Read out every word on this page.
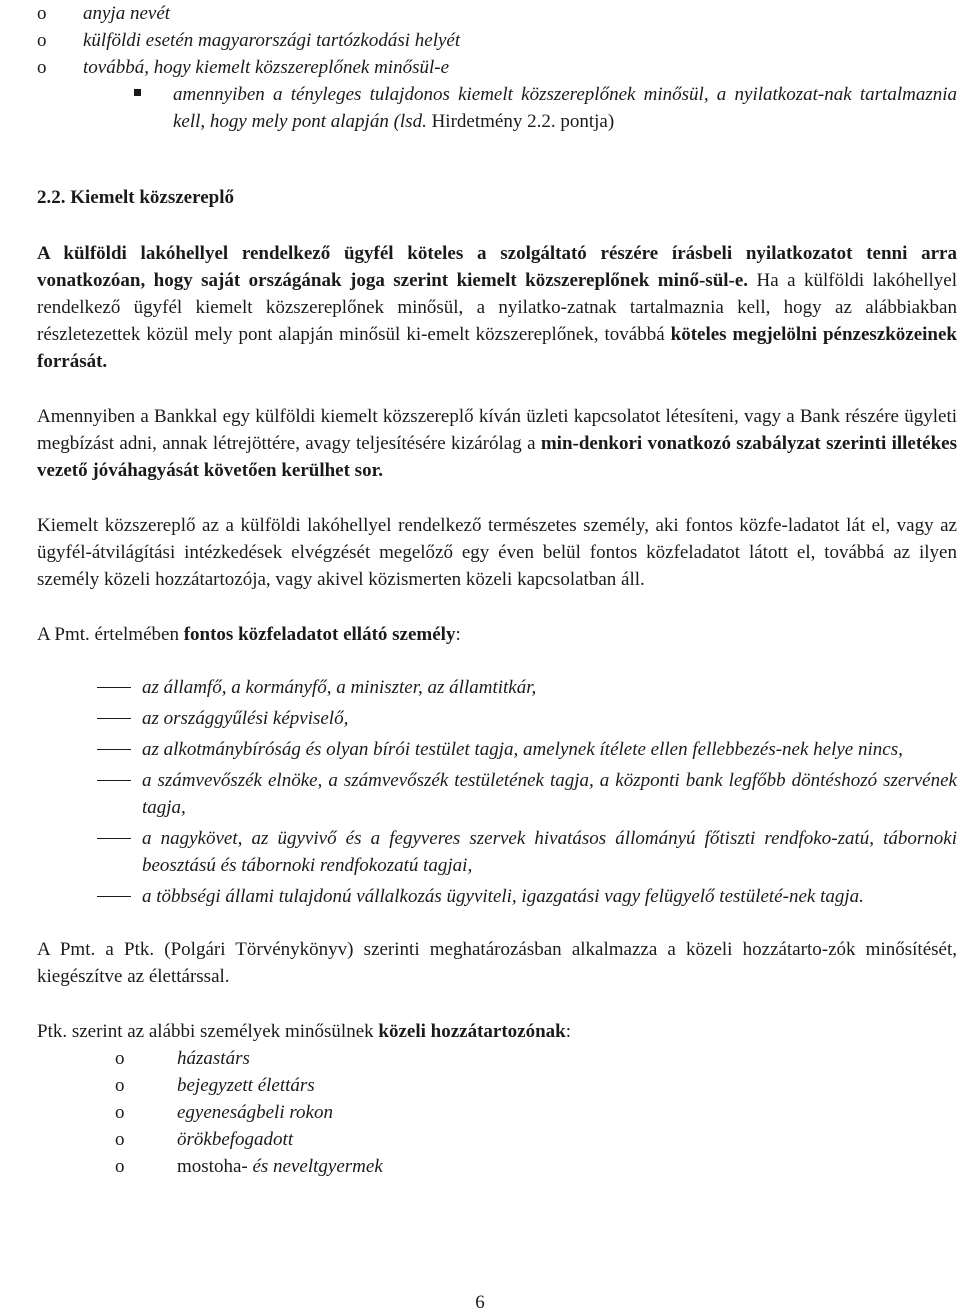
o anyja nevét
o külföldi esetén magyarországi tartózkodási helyét
o továbbá, hogy kiemelt közszereplőnek minősül-e
amennyiben a tényleges tulajdonos kiemelt közszereplőnek minősül, a nyilatkozat-nak tartalmaznia kell, hogy mely pont alapján (lsd. Hirdetmény 2.2. pontja)
2.2. Kiemelt közszereplő

A külföldi lakóhellyel rendelkező ügyfél köteles a szolgáltató részére írásbeli nyilatkozatot tenni arra vonatkozóan, hogy saját országának joga szerint kiemelt közszereplőnek minő-sül-e. Ha a külföldi lakóhellyel rendelkező ügyfél kiemelt közszereplőnek minősül, a nyilatko-zatnak tartalmaznia kell, hogy az alábbiakban részletezettek közül mely pont alapján minősül ki-emelt közszereplőnek, továbbá köteles megjelölni pénzeszközeinek forrását.

Amennyiben a Bankkal egy külföldi kiemelt közszereplő kíván üzleti kapcsolatot létesíteni, vagy a Bank részére ügyleti megbízást adni, annak létrejöttére, avagy teljesítésére kizárólag a min-denkori vonatkozó szabályzat szerinti illetékes vezető jóváhagyását követően kerülhet sor.

Kiemelt közszereplő az a külföldi lakóhellyel rendelkező természetes személy, aki fontos közfe-ladatot lát el, vagy az ügyfél-átvilágítási intézkedések elvégzését megelőző egy éven belül fontos közfeladatot látott el, továbbá az ilyen személy közeli hozzátartozója, vagy akivel közismerten közeli kapcsolatban áll.

A Pmt. értelmében fontos közfeladatot ellátó személy:

az államfő, a kormányfő, a miniszter, az államtitkár,
az országgyűlési képviselő,
az alkotmánybíróság és olyan bírói testület tagja, amelynek ítélete ellen fellebbezés-nek helye nincs,
a számvevőszék elnöke, a számvevőszék testületének tagja, a központi bank legfőbb döntéshozó szervének tagja,
a nagykövet, az ügyvivő és a fegyveres szervek hivatásos állományú főtiszti rendfoko-zatú, tábornoki beosztású és tábornoki rendfokozatú tagjai,
a többségi állami tulajdonú vállalkozás ügyviteli, igazgatási vagy felügyelő testületé-nek tagja.

A Pmt. a Ptk. (Polgári Törvénykönyv) szerinti meghatározásban alkalmazza a közeli hozzátarto-zók minősítését, kiegészítve az élettárssal.

Ptk. szerint az alábbi személyek minősülnek közeli hozzátartozónak:

o	házastárs
o	bejegyzett élettárs
o	egyeneságbeli rokon
o	örökbefogadott
o	mostoha- és neveltgyermek
6
